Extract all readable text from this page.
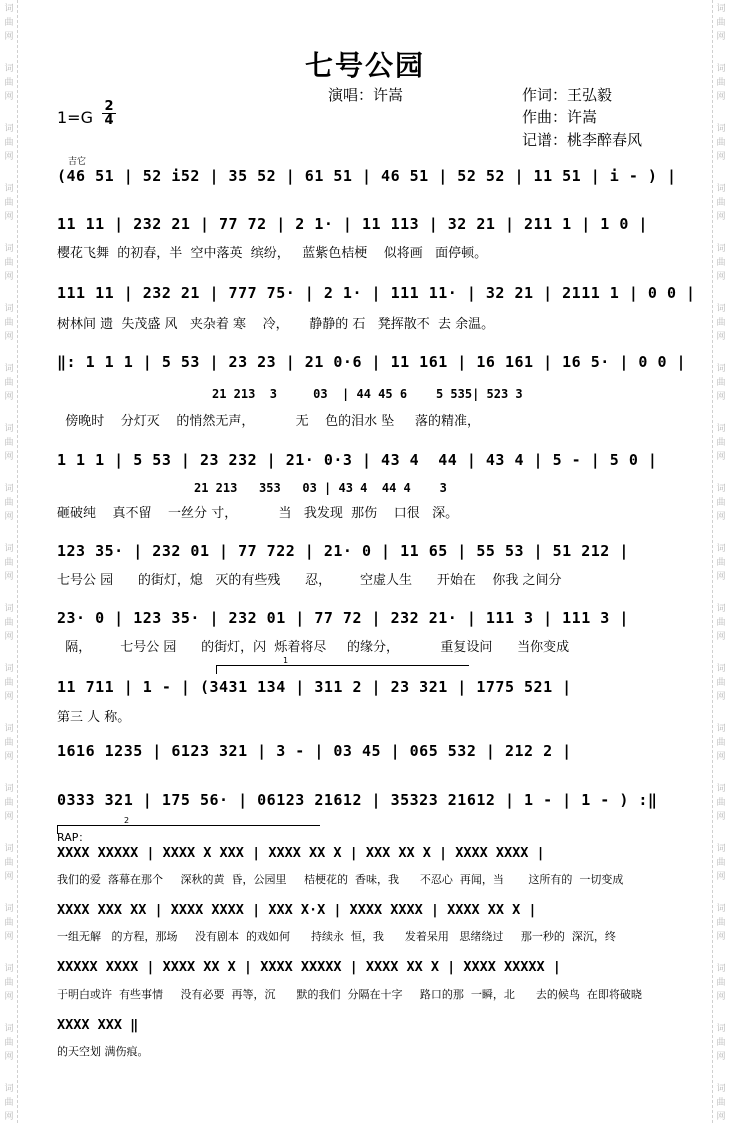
词
曲
网
词
曲
网
词
曲
网
词
曲
网
词
曲
网
词
曲
网
词
曲
网
词
曲
网
词
曲
网
词
曲
网
词
曲
网
词
曲
网
词
曲
网
词
曲
网
词
曲
网
词
曲
网
词
曲
网
词
曲
网
词
曲
网
词
曲
网
词
曲
网
词
曲
网
词
曲
网
词
曲
网
词
曲
网
词
曲
网
词
曲
网
词
曲
网
词
曲
网
词
曲
网
词
曲
网
词
曲
网
词
曲
网
词
曲
网
词
曲
网
词
曲
网
词
曲
网
词
曲
网
七号公园
演唱：许嵩	作词：王弘毅
作曲：许嵩
记谱：桃李醉春风
1=G
2
4
吉它
(46 51 | 52 i52 | 35 52 | 61 51 | 46 51 | 52 52 | 11 51 | i - ) |
11 11 | 232 21 | 77 72 | 2 1· | 11 113 | 32 21 | 211 1 | 1 0 |
樱花飞舞  的初春，半  空中落英  缤纷，   蓝紫色桔梗    似将画   面停顿。
111 11 | 232 21 | 777 75· | 2 1· | 111 11· | 32 21 | 2111 1 | 0 0 |
树林间 遗  失茂盛 风   夹杂着 寒    冷，     静静的 石   凳挥散不  去 余温。
‖: 1 1 1 | 5 53 | 23 23 | 21 0·6 | 11 161 | 16 161 | 16 5· | 0 0 |
21 213  3     03  | 44 45 6    5 535| 523 3
傍晚时    分灯灭    的悄然无声，          无    色的泪水 坠     落的精准，
1 1 1 | 5 53 | 23 232 | 21· 0·3 | 43 4  44 | 43 4 | 5 - | 5 0 |
21 213   353   03 | 43 4  44 4    3
砸破纯    真不留    一丝分 寸，          当   我发现  那伤    口很   深。
123 35· | 232 01 | 77 722 | 21· 0 | 11 65 | 55 53 | 51 212 |
七号公 园      的街灯，熄   灭的有些残      忍，       空虚人生      开始在    你我 之间分
23· 0 | 123 35· | 232 01 | 77 72 | 232 21· | 111 3 | 111 3 |
隔，       七号公 园      的街灯，闪  烁着将尽     的缘分，          重复设问      当你变成
1
11 711 | 1 - | (3431 134 | 311 2 | 23 321 | 1775 521 |
第三 人 称。
1616 1235 | 6123 321 | 3 - | 03 45 | 065 532 | 212 2 |
0333 321 | 175 56· | 06123 21612 | 35323 21612 | 1 - | 1 - ) :‖
2
RAP：
XXXX XXXXX | XXXX X XXX | XXXX XX X | XXX XX X | XXXX XXXX |
我们的爱  落幕在那个     深秋的黄  昏，公园里     桔梗花的  香味，我      不忍心  再闻，当       这所有的  一切变成
XXXX XXX XX | XXXX XXXX | XXX X·X | XXXX XXXX | XXXX XX X |
一组无解   的方程，那场     没有剧本  的戏如何      持续永  恒，我      发着呆用   思绪绕过     那一秒的  深沉，终
XXXXX XXXX | XXXX XX X | XXXX XXXXX | XXXX XX X | XXXX XXXXX |
于明白或许  有些事情     没有必要  再等，沉      默的我们  分隔在十字     路口的那  一瞬，北      去的候鸟  在即将破晓
XXXX XXX ‖
的天空划 满伤痕。
